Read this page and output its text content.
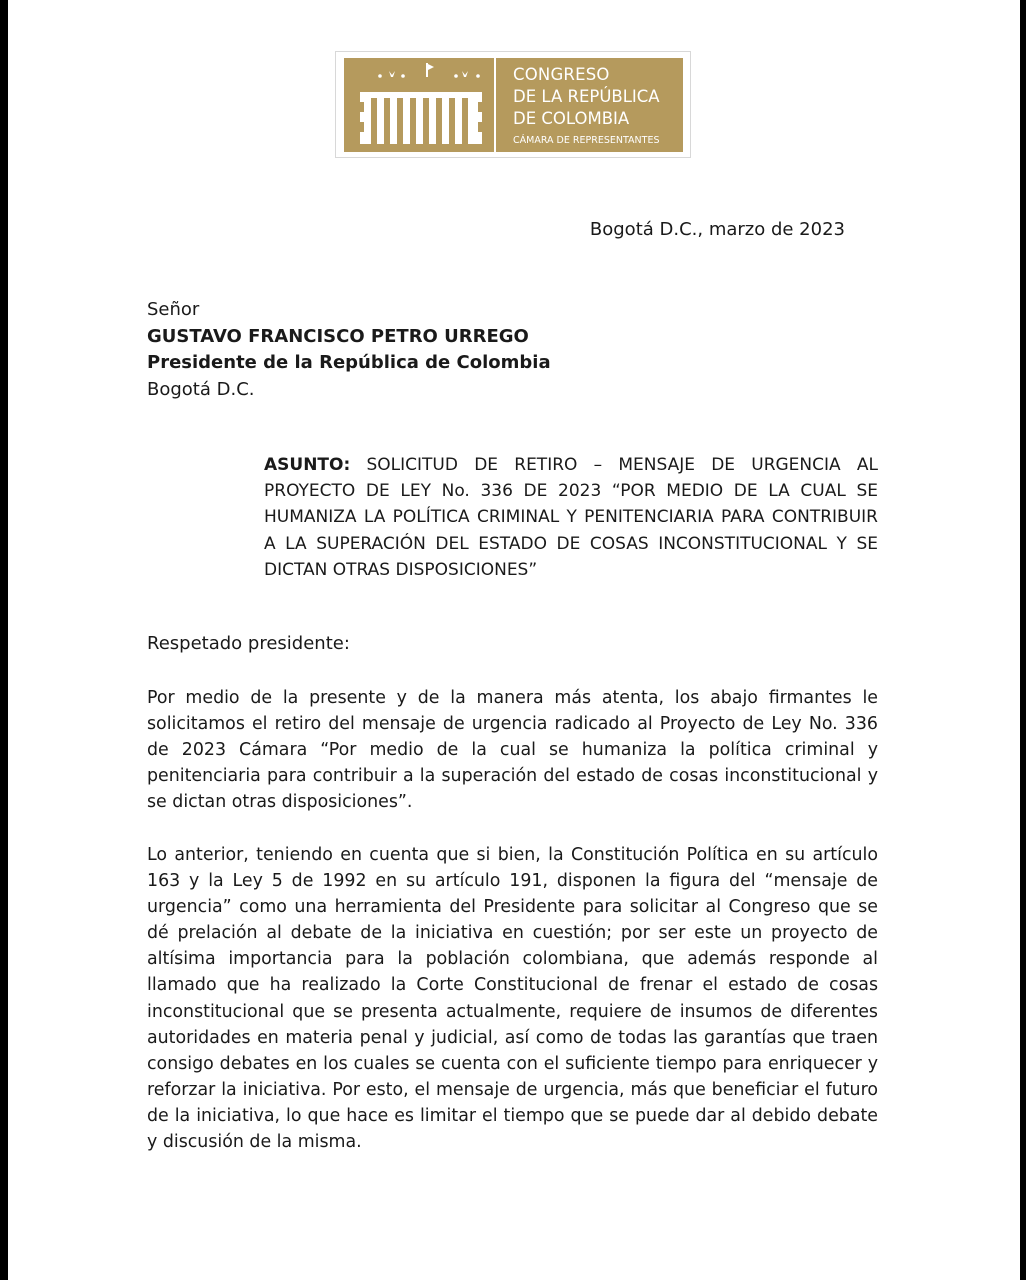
CONGRESO
DE LA REPÚBLICA
DE COLOMBIA
CÁMARA DE REPRESENTANTES
Bogotá D.C., marzo de 2023
Señor
GUSTAVO FRANCISCO PETRO URREGO
Presidente de la República de Colombia
Bogotá D.C.
ASUNTO: SOLICITUD DE RETIRO – MENSAJE DE URGENCIA AL PROYECTO DE LEY No. 336 DE 2023 “POR MEDIO DE LA CUAL SE HUMANIZA LA POLÍTICA CRIMINAL Y PENITENCIARIA PARA CONTRIBUIR A LA SUPERACIÓN DEL ESTADO DE COSAS INCONSTITUCIONAL Y SE DICTAN OTRAS DISPOSICIONES”
Respetado presidente:
Por medio de la presente y de la manera más atenta, los abajo firmantes le solicitamos el retiro del mensaje de urgencia radicado al Proyecto de Ley No. 336 de 2023 Cámara “Por medio de la cual se humaniza la política criminal y penitenciaria para contribuir a la superación del estado de cosas inconstitucional y se dictan otras disposiciones”.
Lo anterior, teniendo en cuenta que si bien, la Constitución Política en su artículo 163 y la Ley 5 de 1992 en su artículo 191, disponen la figura del “mensaje de urgencia” como una herramienta del Presidente para solicitar al Congreso que se dé prelación al debate de la iniciativa en cuestión; por ser este un proyecto de altísima importancia para la población colombiana, que además responde al llamado que ha realizado la Corte Constitucional de frenar el estado de cosas inconstitucional que se presenta actualmente, requiere de insumos de diferentes autoridades en materia penal y judicial, así como de todas las garantías que traen consigo debates en los cuales se cuenta con el suficiente tiempo para enriquecer y reforzar la iniciativa. Por esto, el mensaje de urgencia, más que beneficiar el futuro de la iniciativa, lo que hace es limitar el tiempo que se puede dar al debido debate y discusión de la misma.
